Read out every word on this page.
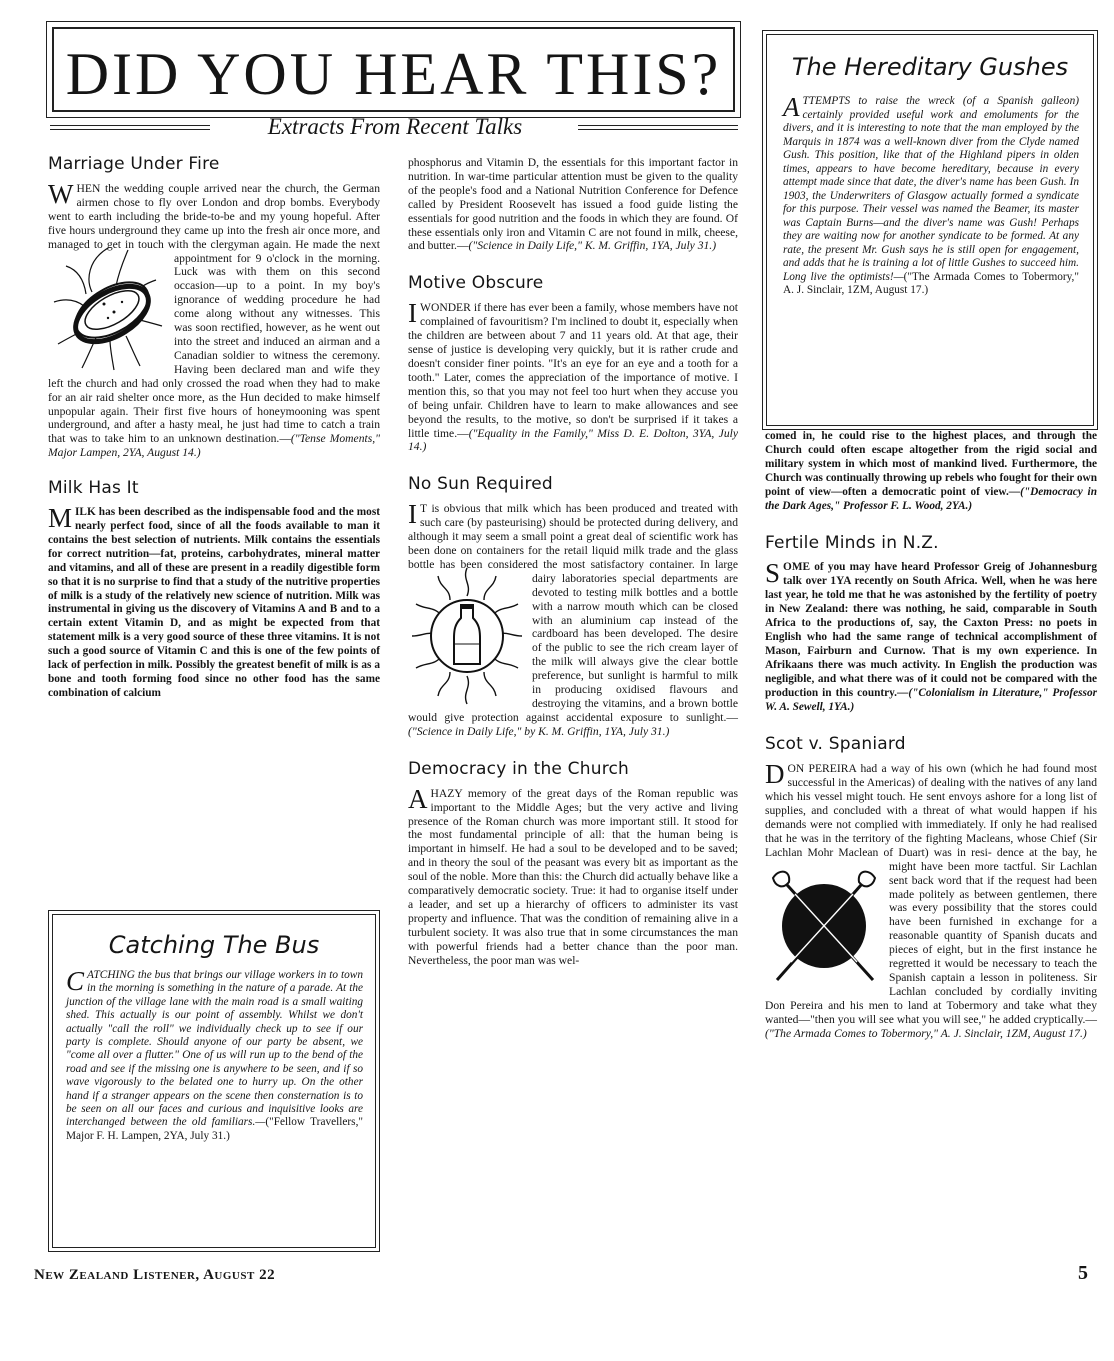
DID YOU HEAR THIS?
Extracts From Recent Talks
The Hereditary Gushes
ATTEMPTS to raise the wreck (of a Spanish galleon) certainly provided useful work and emoluments for the divers, and it is interesting to note that the man employed by the Marquis in 1874 was a well-known diver from the Clyde named Gush. This position, like that of the Highland pipers in olden times, appears to have become hereditary, because in every attempt made since that date, the diver's name has been Gush. In 1903, the Underwriters of Glasgow actually formed a syndicate for this purpose. Their vessel was named the Beamer, its master was Captain Burns—and the diver's name was Gush! Perhaps they are waiting now for another syndicate to be formed. At any rate, the present Mr. Gush says he is still open for engagement, and adds that he is training a lot of little Gushes to succeed him. Long live the optimists!—("The Armada Comes to Tobermory," A. J. Sinclair, 1ZM, August 17.)
Marriage Under Fire
WHEN the wedding couple arrived near the church, the German airmen chose to fly over London and drop bombs. Everybody went to earth including the bride-to-be and my young hopeful. After five hours underground they came up into the fresh air once more, and managed to get in touch with the clergyman again. He made the next appointment for 9 o'clock in the morning. Luck was with them on this second occasion—up to a point. In my boy's ignorance of wedding procedure he had come along without any witnesses. This was soon rectified, however, as he went out into the street and induced an airman and a Canadian soldier to witness the ceremony. Having been declared man and wife they left the church and had only crossed the road when they had to make for an air raid shelter once more, as the Hun decided to make himself unpopular again. Their first five hours of honeymooning was spent underground, and after a hasty meal, he just had time to catch a train that was to take him to an unknown destination.—("Tense Moments," Major Lampen, 2YA, August 14.)
Milk Has It
MILK has been described as the indispensable food and the most nearly perfect food, since of all the foods available to man it contains the best selection of nutrients. Milk contains the essentials for correct nutrition—fat, proteins, carbohydrates, mineral matter and vitamins, and all of these are present in a readily digestible form so that it is no surprise to find that a study of the nutritive properties of milk is a study of the relatively new science of nutrition. Milk was instrumental in giving us the discovery of Vitamins A and B and to a certain extent Vitamin D, and as might be expected from that statement milk is a very good source of these three vitamins. It is not such a good source of Vitamin C and this is one of the few points of lack of perfection in milk. Possibly the greatest benefit of milk is as a bone and tooth forming food since no other food has the same combination of calcium
Catching The Bus
CATCHING the bus that brings our village workers in to town in the morning is something in the nature of a parade. At the junction of the village lane with the main road is a small waiting shed. This actually is our point of assembly. Whilst we don't actually "call the roll" we individually check up to see if our party is complete. Should anyone of our party be absent, we "come all over a flutter." One of us will run up to the bend of the road and see if the missing one is anywhere to be seen, and if so wave vigorously to the belated one to hurry up. On the other hand if a stranger appears on the scene then consternation is to be seen on all our faces and curious and inquisitive looks are interchanged between the old familiars.—("Fellow Travellers," Major F. H. Lampen, 2YA, July 31.)
phosphorus and Vitamin D, the essentials for this important factor in nutrition. In war-time particular attention must be given to the quality of the people's food and a National Nutrition Conference for Defence called by President Roosevelt has issued a food guide listing the essentials for good nutrition and the foods in which they are found. Of these essentials only iron and Vitamin C are not found in milk, cheese, and butter.—("Science in Daily Life," K. M. Griffin, 1YA, July 31.)
Motive Obscure
IWONDER if there has ever been a family, whose members have not complained of favouritism? I'm inclined to doubt it, especially when the children are between about 7 and 11 years old. At that age, their sense of justice is developing very quickly, but it is rather crude and doesn't consider finer points. "It's an eye for an eye and a tooth for a tooth." Later, comes the appreciation of the importance of motive. I mention this, so that you may not feel too hurt when they accuse you of being unfair. Children have to learn to make allowances and see beyond the results, to the motive, so don't be surprised if it takes a little time.—("Equality in the Family," Miss D. E. Dolton, 3YA, July 14.)
No Sun Required
I T is obvious that milk which has been produced and treated with such care (by pasteurising) should be protected during delivery, and although it may seem a small point a great deal of scientific work has been done on containers for the retail liquid milk trade and the glass bottle has been considered the most satisfactory container. In large dairy laboratories special departments are devoted to testing milk bottles and a bottle with a narrow mouth which can be closed with an aluminium cap instead of the cardboard has been developed. The desire of the public to see the rich cream layer of the milk will always give the clear bottle preference, but sunlight is harmful to milk in producing oxidised flavours and destroying the vitamins, and a brown bottle would give protection against accidental exposure to sunlight.—("Science in Daily Life," by K. M. Griffin, 1YA, July 31.)
Democracy in the Church
AHAZY memory of the great days of the Roman republic was important to the Middle Ages; but the very active and living presence of the Roman church was more important still. It stood for the most fundamental principle of all: that the human being is important in himself. He had a soul to be developed and to be saved; and in theory the soul of the peasant was every bit as important as the soul of the noble. More than this: the Church did actually behave like a comparatively democratic society. True: it had to organise itself under a leader, and set up a hierarchy of officers to administer its vast property and influence. That was the condition of remaining alive in a turbulent society. It was also true that in some circumstances the man with powerful friends had a better chance than the poor man. Nevertheless, the poor man was wel-
comed in, he could rise to the highest places, and through the Church could often escape altogether from the rigid social and military system in which most of mankind lived. Furthermore, the Church was continually throwing up rebels who fought for their own point of view—often a democratic point of view.—("Democracy in the Dark Ages," Professor F. L. Wood, 2YA.)
Fertile Minds in N.Z.
SOME of you may have heard Professor Greig of Johannesburg talk over 1YA recently on South Africa. Well, when he was here last year, he told me that he was astonished by the fertility of poetry in New Zealand: there was nothing, he said, comparable in South Africa to the productions of, say, the Caxton Press: no poets in English who had the same range of technical accomplishment of Mason, Fairburn and Curnow. That is my own experience. In Afrikaans there was much activity. In English the production was negligible, and what there was of it could not be compared with the production in this country.—("Colonialism in Literature," Professor W. A. Sewell, 1YA.)
Scot v. Spaniard
DON PEREIRA had a way of his own (which he had found most successful in the Americas) of dealing with the natives of any land which his vessel might touch. He sent envoys ashore for a long list of supplies, and concluded with a threat of what would happen if his demands were not complied with immediately. If only he had realised that he was in the territory of the fighting Macleans, whose Chief (Sir Lachlan Mohr Maclean of Duart) was in resi- dence at the bay, he might have been more tactful. Sir Lachlan sent back word that if the request had been made politely as between gentlemen, there was every possibility that the stores could have been furnished in exchange for a reasonable quantity of Spanish ducats and pieces of eight, but in the first instance he regretted it would be necessary to teach the Spanish captain a lesson in politeness. Sir Lachlan concluded by cordially inviting Don Pereira and his men to land at Tobermory and take what they wanted—"then you will see what you will see," he added cryptically.—("The Armada Comes to Tobermory," A. J. Sinclair, 1ZM, August 17.)
New Zealand Listener, August 22	5
